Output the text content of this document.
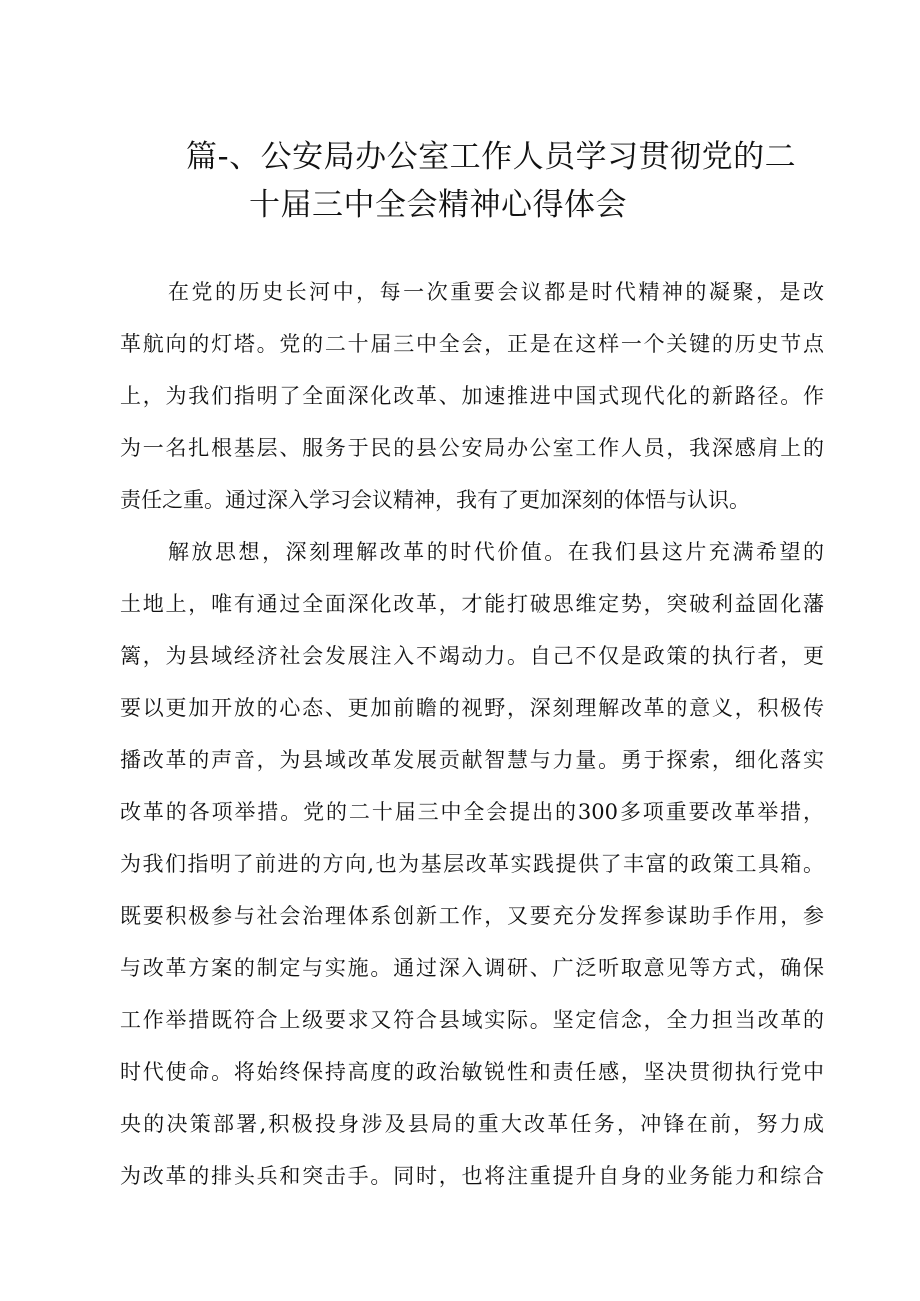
篇-、公安局办公室工作人员学习贯彻党的二
十届三中全会精神心得体会
在党的历史长河中，每一次重要会议都是时代精神的凝聚，是改
革航向的灯塔。党的二十届三中全会，正是在这样一个关键的历史节点
上，为我们指明了全面深化改革、加速推进中国式现代化的新路径。作
为一名扎根基层、服务于民的县公安局办公室工作人员，我深感肩上的
责任之重。通过深入学习会议精神，我有了更加深刻的体悟与认识。
解放思想，深刻理解改革的时代价值。在我们县这片充满希望的
土地上，唯有通过全面深化改革，才能打破思维定势，突破利益固化藩
篱，为县域经济社会发展注入不竭动力。自己不仅是政策的执行者，更
要以更加开放的心态、更加前瞻的视野，深刻理解改革的意义，积极传
播改革的声音，为县域改革发展贡献智慧与力量。勇于探索，细化落实
改革的各项举措。党的二十届三中全会提出的300多项重要改革举措，
为我们指明了前进的方向,也为基层改革实践提供了丰富的政策工具箱。
既要积极参与社会治理体系创新工作，又要充分发挥参谋助手作用，参
与改革方案的制定与实施。通过深入调研、广泛听取意见等方式，确保
工作举措既符合上级要求又符合县域实际。坚定信念，全力担当改革的
时代使命。将始终保持高度的政治敏锐性和责任感，坚决贯彻执行党中
央的决策部署,积极投身涉及县局的重大改革任务，冲锋在前，努力成
为改革的排头兵和突击手。同时，也将注重提升自身的业务能力和综合
